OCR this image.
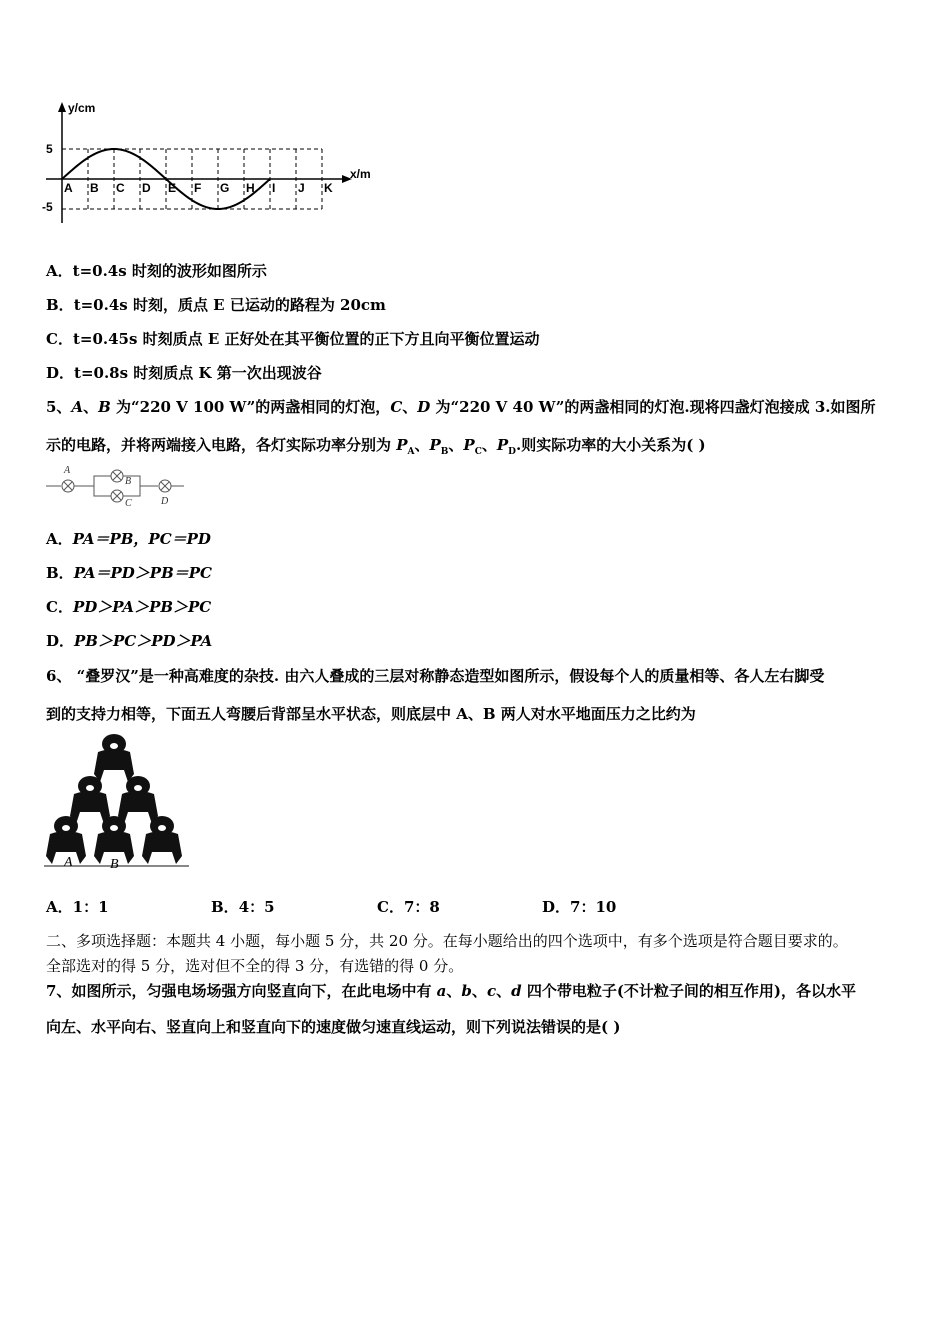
y/cm
x/m
5
-5
A B C D E F G H I J K
A．t=0.4s 时刻的波形如图所示
B．t=0.4s 时刻，质点 E 已运动的路程为 20cm
C．t=0.45s 时刻质点 E 正好处在其平衡位置的正下方且向平衡位置运动
D．t=0.8s 时刻质点 K 第一次出现波谷
5、A、B 为“220 V 100 W”的两盏相同的灯泡，C、D 为“220 V 40 W”的两盏相同的灯泡.现将四盏灯泡接成 3.如图所
示的电路，并将两端接入电路，各灯实际功率分别为 $P_A$、$P_B$、$P_C$、$P_D$.则实际功率的大小关系为( )
A
B
C	D
A．PA＝PB，PC＝PD
B．PA＝PD＞PB＝PC
C．PD＞PA＞PB＞PC
D．PB＞PC＞PD＞PA
6、 “叠罗汉”是一种高难度的杂技. 由六人叠成的三层对称静态造型如图所示，假设每个人的质量相等、各人左右脚受
到的支持力相等，下面五人弯腰后背部呈水平状态，则底层中 A、B 两人对水平地面压力之比约为
A	B
A．1：1	B．4：5	C．7：8	D．7：10
二、多项选择题：本题共 4 小题，每小题 5 分，共 20 分。在每小题给出的四个选项中，有多个选项是符合题目要求的。
全部选对的得 5 分，选对但不全的得 3 分，有选错的得 0 分。
7、如图所示，匀强电场场强方向竖直向下，在此电场中有 a、b、c、d 四个带电粒子(不计粒子间的相互作用)，各以水平
向左、水平向右、竖直向上和竖直向下的速度做匀速直线运动，则下列说法错误的是( )
